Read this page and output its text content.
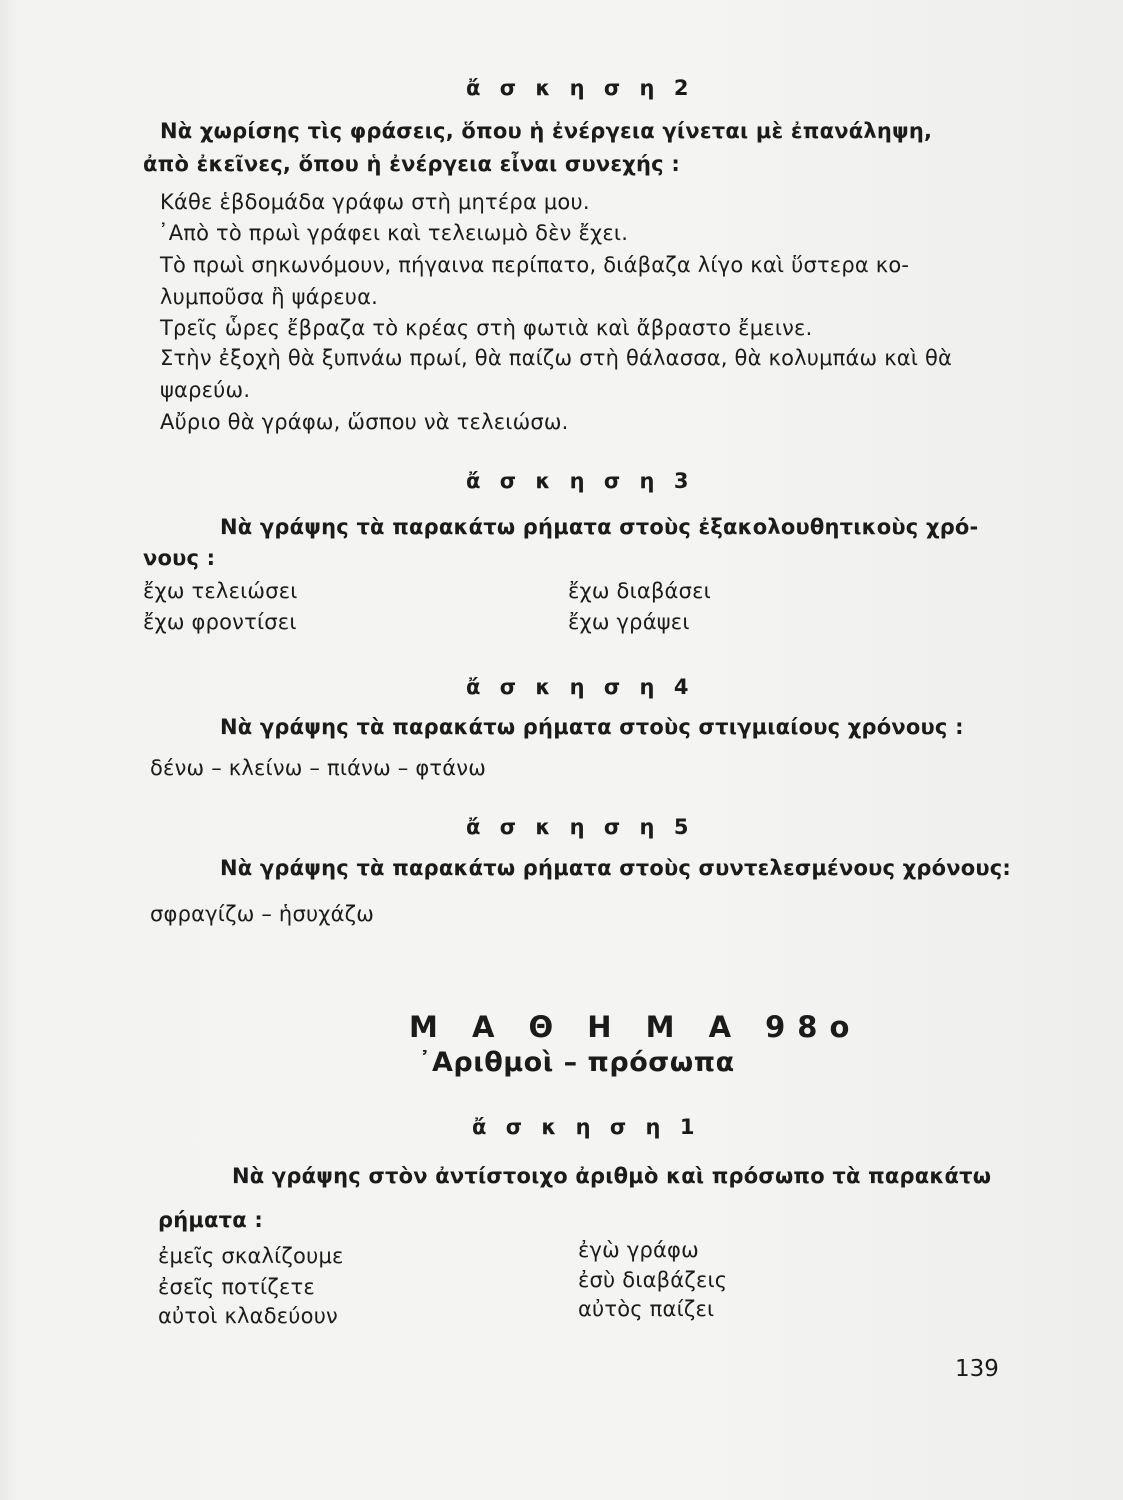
ἄ σ κ η σ η 2
Νὰ χωρίσης τὶς φράσεις, ὅπου ἡ ἐνέργεια γίνεται μὲ ἐπανάληψη,
ἀπὸ ἐκεῖνες, ὅπου ἡ ἐνέργεια εἶναι συνεχής :
Κάθε ἑβδομάδα γράφω στὴ μητέρα μου.
᾿Απὸ τὸ πρωὶ γράφει καὶ τελειωμὸ δὲν ἔχει.
Τὸ πρωὶ σηκωνόμουν, πήγαινα περίπατο, διάβαζα λίγο καὶ ὕστερα κο-
λυμποῦσα ἢ ψάρευα.
Τρεῖς ὧρες ἔβραζα τὸ κρέας στὴ φωτιὰ καὶ ἄβραστο ἔμεινε.
Στὴν ἐξοχὴ θὰ ξυπνάω πρωί, θὰ παίζω στὴ θάλασσα, θὰ κολυμπάω καὶ θὰ
ψαρεύω.
Αὔριο θὰ γράφω, ὥσπου νὰ τελειώσω.
ἄ σ κ η σ η 3
Νὰ γράψης τὰ παρακάτω ρήματα στοὺς ἐξακολουθητικοὺς χρό-
νους :
ἔχω τελειώσει
ἔχω φροντίσει
ἔχω διαβάσει
ἔχω γράψει
ἄ σ κ η σ η 4
Νὰ γράψης τὰ παρακάτω ρήματα στοὺς στιγμιαίους χρόνους :
δένω – κλείνω – πιάνω – φτάνω
ἄ σ κ η σ η 5
Νὰ γράψης τὰ παρακάτω ρήματα στοὺς συντελεσμένους χρόνους:
σφραγίζω – ἡσυχάζω
Μ Α Θ Η Μ Α 98ο
᾿Αριθμοὶ – πρόσωπα
ἄ σ κ η σ η 1
Νὰ γράψης στὸν ἀντίστοιχο ἀριθμὸ καὶ πρόσωπο τὰ παρακάτω
ρήματα :
ἐμεῖς σκαλίζουμε
ἐσεῖς ποτίζετε
αὐτοὶ κλαδεύουν
ἐγὼ γράφω
ἐσὺ διαβάζεις
αὐτὸς παίζει
139
